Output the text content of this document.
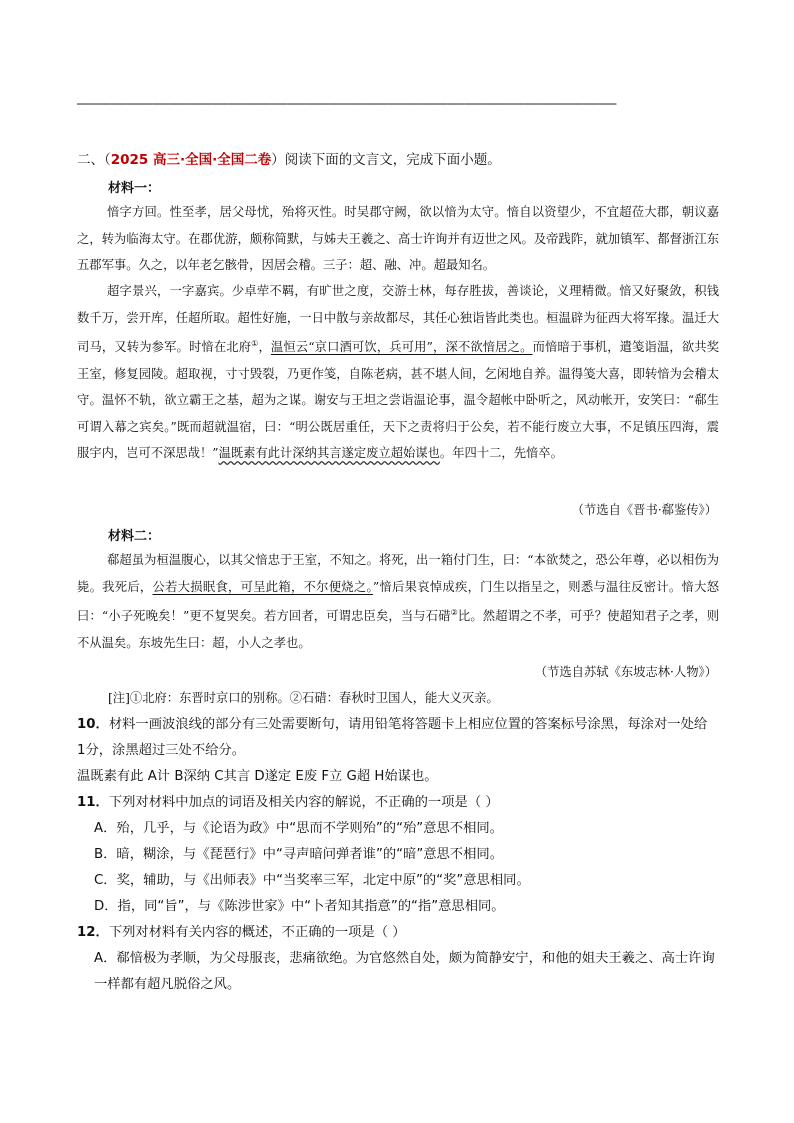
————————————————————————————————————————————————————————————————
二、（2025 高三·全国·全国二卷）阅读下面的文言文，完成下面小题。
材料一：
愔字方回。性至孝，居父母忧，殆将灭性。时吴郡守阙，欲以愔为太守。愔自以资望少，不宜超莅大郡，朝议嘉之，转为临海太守。在郡优游，颇称简默，与姊夫王羲之、高士许询并有迈世之风。及帝践阼，就加镇军、都督浙江东五郡军事。久之，以年老乞骸骨，因居会稽。三子：超、融、冲。超最知名。
超字景兴，一字嘉宾。少卓荦不羁，有旷世之度，交游士林，每存胜拔，善谈论，义理精微。愔又好聚敛，积钱数千万，尝开库，任超所取。超性好施，一日中散与亲故都尽，其任心独诣皆此类也。桓温辟为征西大将军掾。温迁大司马，又转为参军。时愔在北府①，温恒云“京口酒可饮，兵可用”，深不欲愔居之。而愔暗于事机，遣笺诣温，欲共奖王室，修复园陵。超取视，寸寸毁裂，乃更作笺，自陈老病，甚不堪人间，乞闲地自养。温得笺大喜，即转愔为会稽太守。温怀不轨，欲立霸王之基，超为之谋。谢安与王坦之尝诣温论事，温令超帐中卧听之，风动帐开，安笑曰：“郗生可谓入幕之宾矣。”既而超就温宿，曰：“明公既居重任，天下之责将归于公矣，若不能行废立大事，不足镇压四海，震服宇内，岂可不深思哉！”温既素有此计深纳其言遂定废立超始谋也。年四十二，先愔卒。
（节选自《晋书·郗鉴传》）
材料二：
郗超虽为桓温腹心，以其父愔忠于王室，不知之。将死，出一箱付门生，曰：“本欲焚之，恐公年尊，必以相伤为毙。我死后，公若大损眠食，可呈此箱，不尔便烧之。”愔后果哀悼成疾，门生以指呈之，则悉与温往反密计。愔大怒曰：“小子死晚矣！”更不复哭矣。若方回者，可谓忠臣矣，当与石碏②比。然超谓之不孝，可乎？使超知君子之孝，则不从温矣。东坡先生曰：超，小人之孝也。
（节选自苏轼《东坡志林·人物》）
[注]①北府：东晋时京口的别称。②石碏：春秋时卫国人，能大义灭亲。
10．材料一画波浪线的部分有三处需要断句，请用铅笔将答题卡上相应位置的答案标号涂黑，每涂对一处给 1分，涂黑超过三处不给分。
温既素有此 A计 B深纳 C其言 D遂定 E废 F立 G超 H始谋也。
11．下列对材料中加点的词语及相关内容的解说，不正确的一项是（ ）
A．殆，几乎，与《论语为政》中“思而不学则殆”的“殆”意思不相同。
B．暗，糊涂，与《琵琶行》中“寻声暗问弹者谁”的“暗”意思不相同。
C．奖，辅助，与《出师表》中“当奖率三军，北定中原”的“奖”意思相同。
D．指，同“旨”，与《陈涉世家》中“卜者知其指意”的“指”意思相同。
12．下列对材料有关内容的概述，不正确的一项是（ ）
A．郗愔极为孝顺，为父母服丧，悲痛欲绝。为官悠然自处，颇为简静安宁，和他的姐夫王羲之、高士许询一样都有超凡脱俗之风。
